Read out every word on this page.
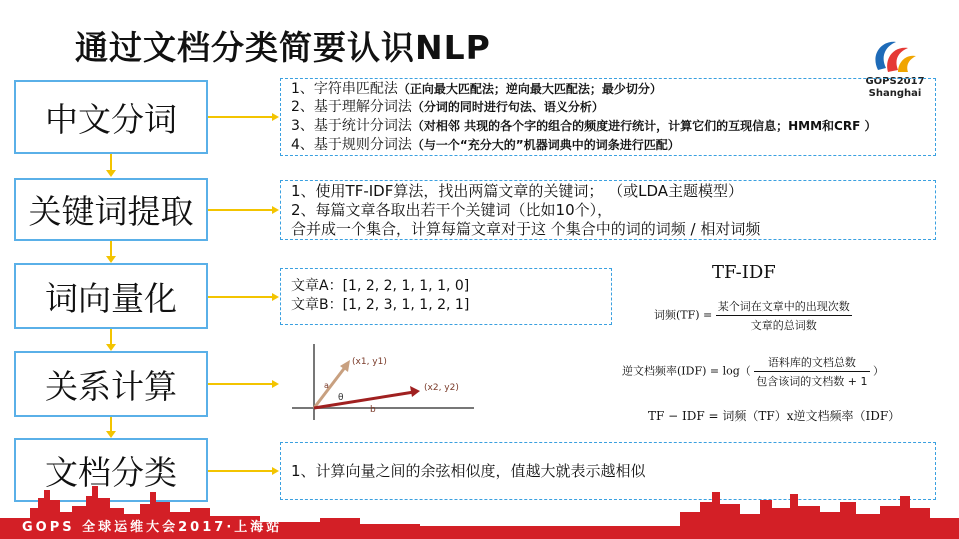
通过文档分类简要认识NLP
GOPS2017
Shanghai
中文分词
关键词提取
词向量化
关系计算
文档分类
1、字符串匹配法（正向最大匹配法；逆向最大匹配法；最少切分）
2、基于理解分词法（分词的同时进行句法、语义分析）
3、基于统计分词法（对相邻 共现的各个字的组合的频度进行统计，计算它们的互现信息；HMM和CRF ）
4、基于规则分词法（与一个“充分大的”机器词典中的词条进行匹配）
1、使用TF-IDF算法，找出两篇文章的关键词； （或LDA主题模型）
2、每篇文章各取出若干个关键词（比如10个），
合并成一个集合，计算每篇文章对于这 个集合中的词的词频 / 相对词频
文章A：[1, 2, 2, 1, 1, 1, 0]
文章B：[1, 2, 3, 1, 1, 2, 1]
(x1, y1)
(x2, y2)
a
b
θ
TF-IDF
词频$(TF) = \frac{\text{某个词在文章中的出现次数}}{\text{文章的总词数}}$
逆文档频率$(IDF) = \log( \frac{\text{语料库的文档总数}}{\text{包含该词的文档数 + 1}}$ ）
TF − IDF = 词频（TF）x逆文档频率（IDF）
1、计算向量之间的余弦相似度，值越大就表示越相似
GOPS 全球运维大会2017·上海站
